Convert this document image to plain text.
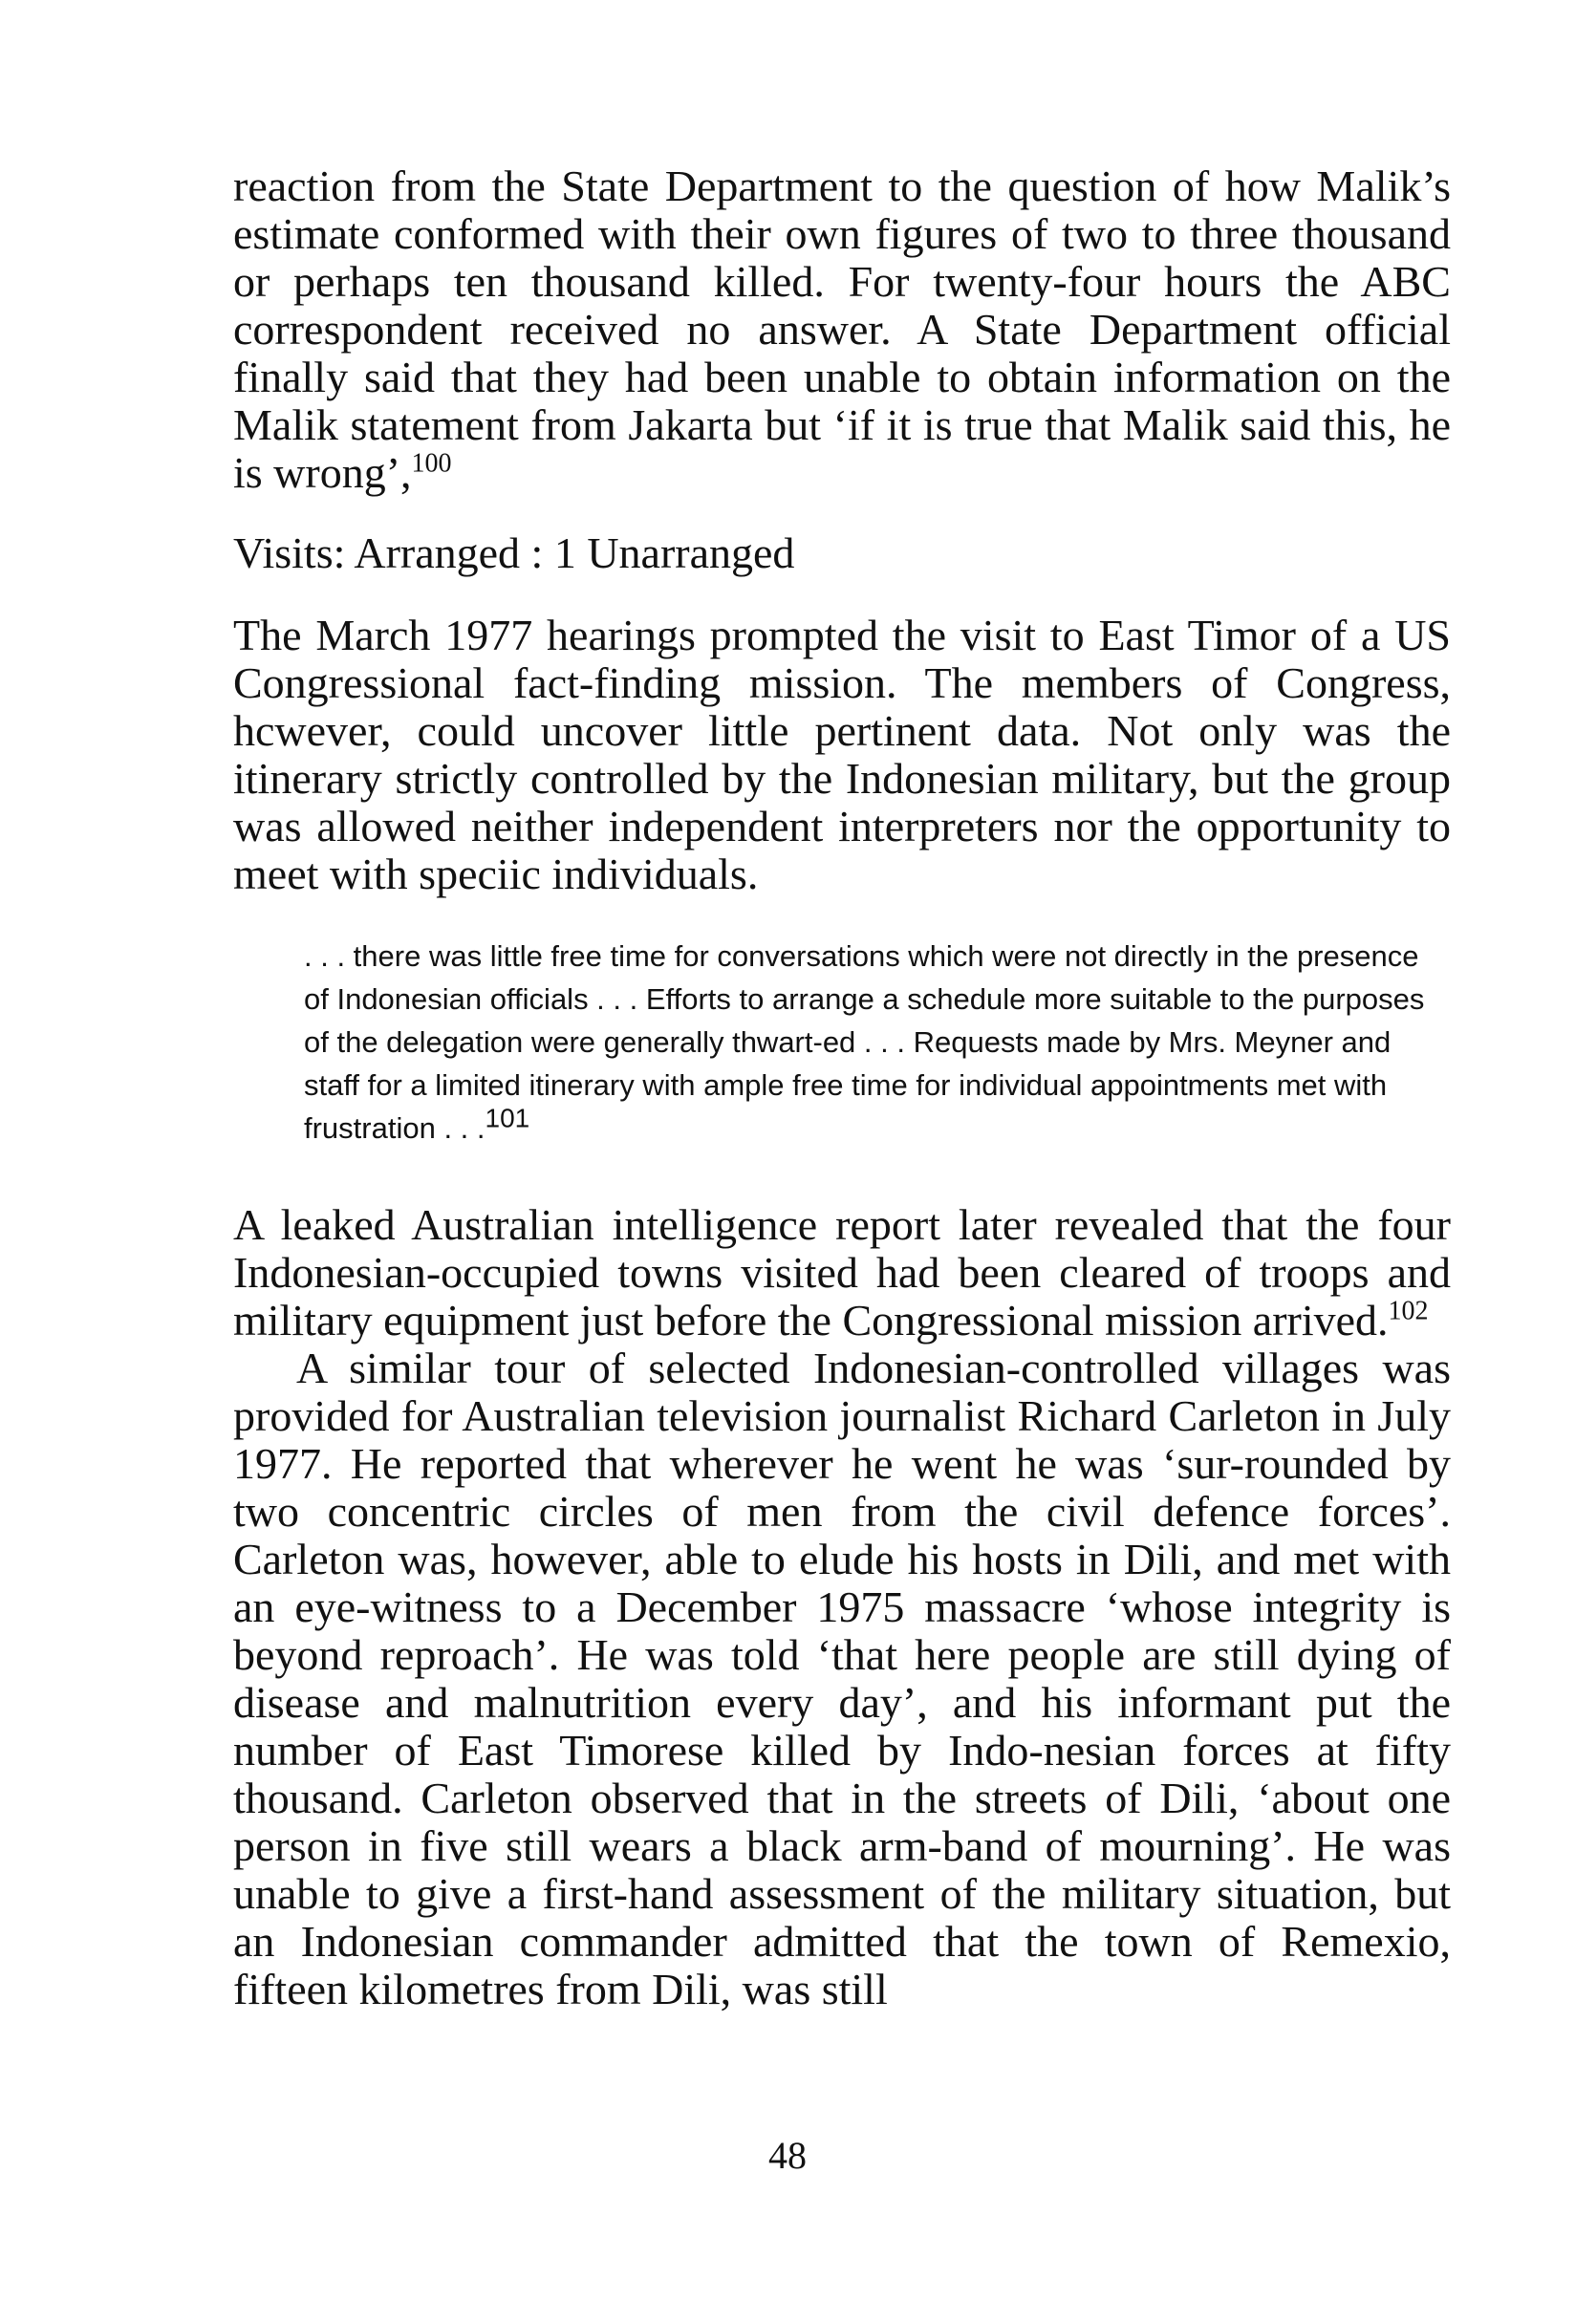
reaction from the State Department to the question of how Malik’s estimate conformed with their own figures of two to three thousand or perhaps ten thousand killed. For twenty-four hours the ABC correspondent received no answer. A State Department official finally said that they had been unable to obtain information on the Malik statement from Jakarta but ‘if it is true that Malik said this, he is wrong’,$^{100}$

Visits: Arranged : 1 Unarranged

The March 1977 hearings prompted the visit to East Timor of a US Congressional fact-finding mission. The members of Congress, hcwever, could uncover little pertinent data. Not only was the itinerary strictly controlled by the Indonesian military, but the group was allowed neither independent interpreters nor the opportunity to meet with speciic individuals.

. . . there was little free time for conversations which were not directly in the presence of Indonesian officials . . . Efforts to arrange a schedule more suitable to the purposes of the delegation were generally thwart-ed . . . Requests made by Mrs. Meyner and staff for a limited itinerary with ample free time for individual appointments met with frustration . . .$^{101}$

A leaked Australian intelligence report later revealed that the four Indonesian-occupied towns visited had been cleared of troops and military equipment just before the Congressional mission arrived.$^{102}$

A similar tour of selected Indonesian-controlled villages was provided for Australian television journalist Richard Carleton in July 1977. He reported that wherever he went he was ‘sur-rounded by two concentric circles of men from the civil defence forces’. Carleton was, however, able to elude his hosts in Dili, and met with an eye-witness to a December 1975 massacre ‘whose integrity is beyond reproach’. He was told ‘that here people are still dying of disease and malnutrition every day’, and his informant put the number of East Timorese killed by Indo-nesian forces at fifty thousand. Carleton observed that in the streets of Dili, ‘about one person in five still wears a black arm-band of mourning’. He was unable to give a first-hand assessment of the military situation, but an Indonesian commander admitted that the town of Remexio, fifteen kilometres from Dili, was still

48
